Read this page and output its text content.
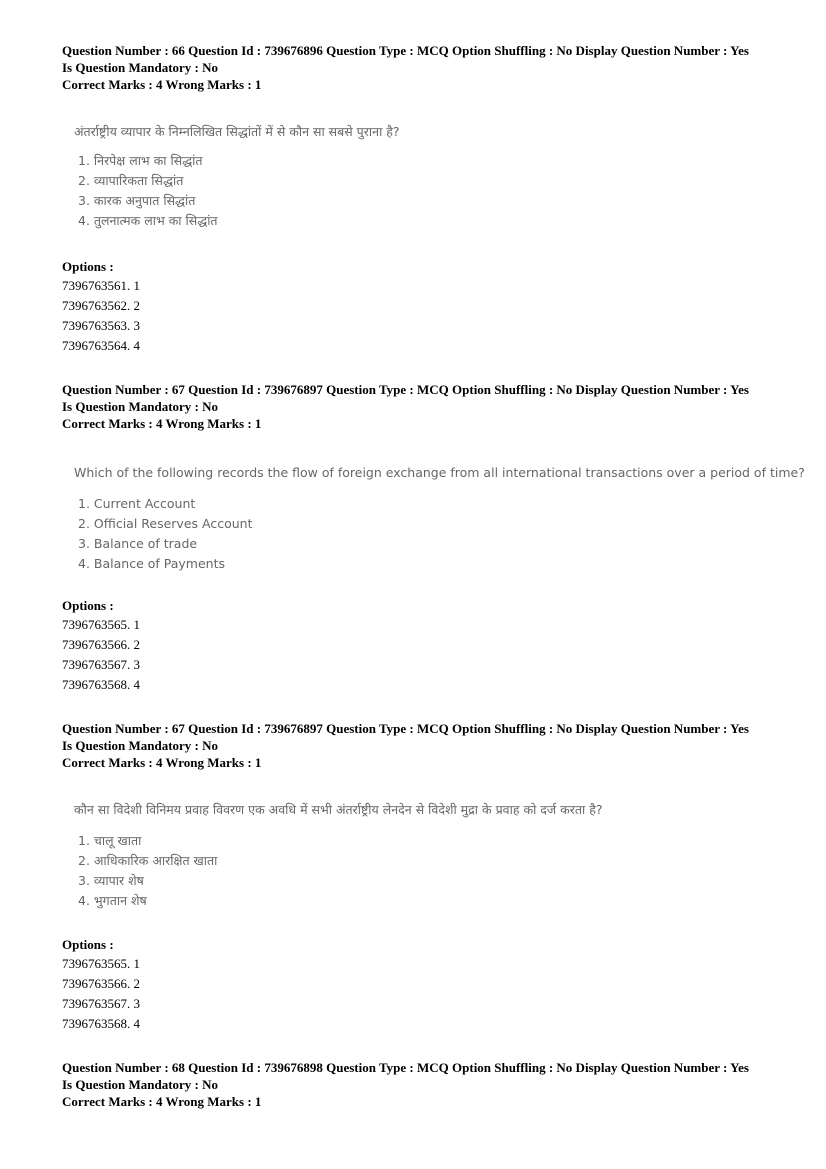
Question Number : 66 Question Id : 739676896 Question Type : MCQ Option Shuffling : No Display Question Number : Yes
Is Question Mandatory : No
Correct Marks : 4 Wrong Marks : 1
अंतर्राष्ट्रीय व्यापार के निम्नलिखित सिद्धांतों में से कौन सा सबसे पुराना है?
1. निरपेक्ष लाभ का सिद्धांत
2. व्यापारिकता सिद्धांत
3. कारक अनुपात सिद्धांत
4. तुलनात्मक लाभ का सिद्धांत
Options :
7396763561. 1
7396763562. 2
7396763563. 3
7396763564. 4
Question Number : 67 Question Id : 739676897 Question Type : MCQ Option Shuffling : No Display Question Number : Yes
Is Question Mandatory : No
Correct Marks : 4 Wrong Marks : 1
Which of the following records the flow of foreign exchange from all international transactions over a period of time?
1. Current Account
2. Official Reserves Account
3. Balance of trade
4. Balance of Payments
Options :
7396763565. 1
7396763566. 2
7396763567. 3
7396763568. 4
Question Number : 67 Question Id : 739676897 Question Type : MCQ Option Shuffling : No Display Question Number : Yes
Is Question Mandatory : No
Correct Marks : 4 Wrong Marks : 1
कौन सा विदेशी विनिमय प्रवाह विवरण एक अवधि में सभी अंतर्राष्ट्रीय लेनदेन से विदेशी मुद्रा के प्रवाह को दर्ज करता है?
1. चालू खाता
2. आधिकारिक आरक्षित खाता
3. व्यापार शेष
4. भुगतान शेष
Options :
7396763565. 1
7396763566. 2
7396763567. 3
7396763568. 4
Question Number : 68 Question Id : 739676898 Question Type : MCQ Option Shuffling : No Display Question Number : Yes
Is Question Mandatory : No
Correct Marks : 4 Wrong Marks : 1
